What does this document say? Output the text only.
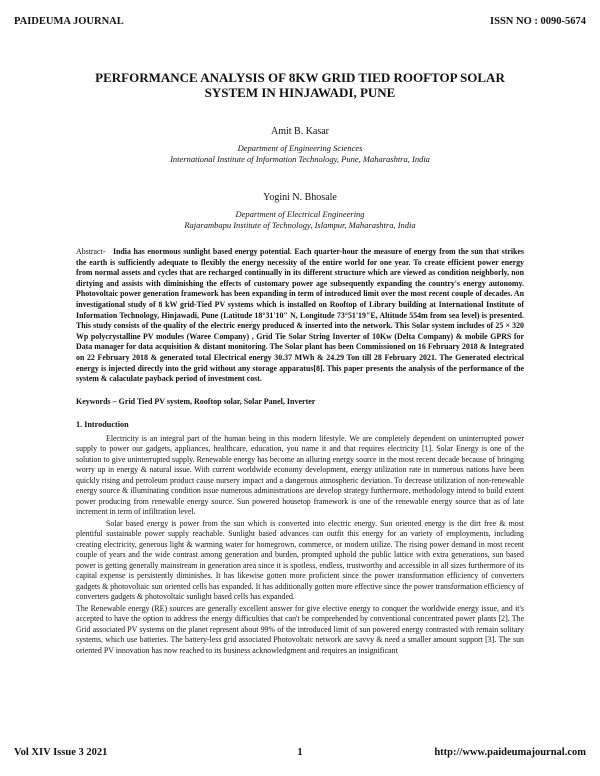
PAIDEUMA JOURNAL	ISSN NO : 0090-5674
PERFORMANCE ANALYSIS OF 8KW GRID TIED ROOFTOP SOLAR SYSTEM IN HINJAWADI, PUNE
Amit B. Kasar
Department of Engineering Sciences
International Institute of Information Technology, Pune, Maharashtra, India
Yogini N. Bhosale
Department of Electrical Engineering
Rajarambapu Institute of Technology, Islampur, Maharashtra, India
Abstract- India has enormous sunlight based energy potential. Each quarter-hour the measure of energy from the sun that strikes the earth is sufficiently adequate to flexibly the energy necessity of the entire world for one year. To create efficient power energy from normal assets and cycles that are recharged continually in its different structure which are viewed as condition neighborly, non dirtying and assists with diminishing the effects of customary power age subsequently expanding the country's energy autonomy. Photovoltaic power generation framework has been expanding in term of introduced limit over the most recent couple of decades. An investigational study of 8 kW grid-Tied PV systems which is installed on Rooftop of Library building at International Institute of Information Technology, Hinjawadi, Pune (Latitude 18°31'10" N, Longitude 73°51'19"E, Altitude 554m from sea level) is presented. This study consists of the quality of the electric energy produced & inserted into the network. This Solar system includes of 25 × 320 Wp polycrystalline PV modules (Waree Company) , Grid Tie Solar String Inverter of 10Kw (Delta Company) & mobile GPRS for Data manager for data acquisition & distant monitoring. The Solar plant has been Commissioned on 16 February 2018 & Integrated on 22 February 2018 & generated total Electrical energy 30.37 MWh & 24.29 Ton till 28 February 2021. The Generated electrical energy is injected directly into the grid without any storage apparatus[8]. This paper presents the analysis of the performance of the system & calaculate payback period of investment cost.
Keywords – Grid Tied PV system, Rooftop solar, Solar Panel, Inverter
1. Introduction

Electricity is an integral part of the human being in this modern lifestyle. We are completely dependent on uninterrupted power supply to power our gadgets, appliances, healthcare, education, you name it and that requires electricity [1]. Solar Energy is one of the solution to give uninterrupted supply. Renewable energy has become an alluring energy source in the most recent decade because of bringing worry up in energy & natural issue. With current worldwide economy development, energy utilization rate in numerous nations have been quickly rising and petroleum product cause nursery impact and a dangerous atmospheric deviation. To decrease utilization of non-renewable energy source & illuminating condition issue numerous administrations are develop strategy furthermore, methodology intend to build extent power producing from renewable energy source. Sun powered housetop framework is one of the renewable energy source that as of late increment in term of infiltration level.

Solar based energy is power from the sun which is converted into electric energy. Sun oriented energy is the dirt free & most plentiful sustainable power supply reachable. Sunlight based advances can outfit this energy for an variety of employments, including creating electricity, generous light & warming water for homegrown, commerce, or modern utilize. The rising power demand in most recent couple of years and the wide contrast among generation and burden, prompted uphold the public lattice with extra generations, sun based power is getting generally mainstream in generation area since it is spotless, endless, trustworthy and accessible in all sizes furthermore of its capital expense is persistently diminishes. It has likewise gotten more proficient since the power transformation efficiency of converters gadgets & photovoltaic sun oriented cells has expanded. It has additionally gotten more effective since the power transformation efficiency of converters gadgets & photovoltaic sunlight based cells has expanded.

The Renewable energy (RE) sources are generally excellent answer for give elective energy to conquer the worldwide energy issue, and it's accepted to have the option to address the energy difficulties that can't be comprehended by conventional concentrated power plants [2]. The Grid associated PV systems on the planet represent about 99% of the introduced limit of sun powered energy contrasted with remain solitary systems, which use batteries. The battery-less grid associated Photovoltaic network are savvy & need a smaller amount support [3]. The sun oriented PV innovation has now reached to its business acknowledgment and requires an insignificant

Vol XIV Issue 3 2021	1	http://www.paideumajournal.com
